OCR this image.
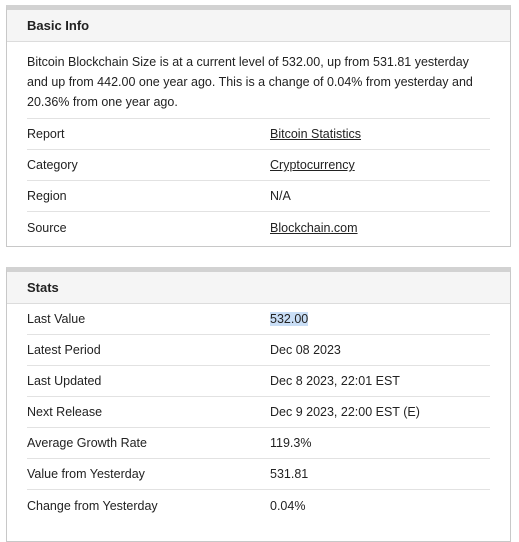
Basic Info
Bitcoin Blockchain Size is at a current level of 532.00, up from 531.81 yesterday and up from 442.00 one year ago. This is a change of 0.04% from yesterday and 20.36% from one year ago.
Report	Bitcoin Statistics
Category	Cryptocurrency
Region	N/A
Source	Blockchain.com
Stats
Last Value	532.00
Latest Period	Dec 08 2023
Last Updated	Dec 8 2023, 22:01 EST
Next Release	Dec 9 2023, 22:00 EST (E)
Average Growth Rate	119.3%
Value from Yesterday	531.81
Change from Yesterday	0.04%
